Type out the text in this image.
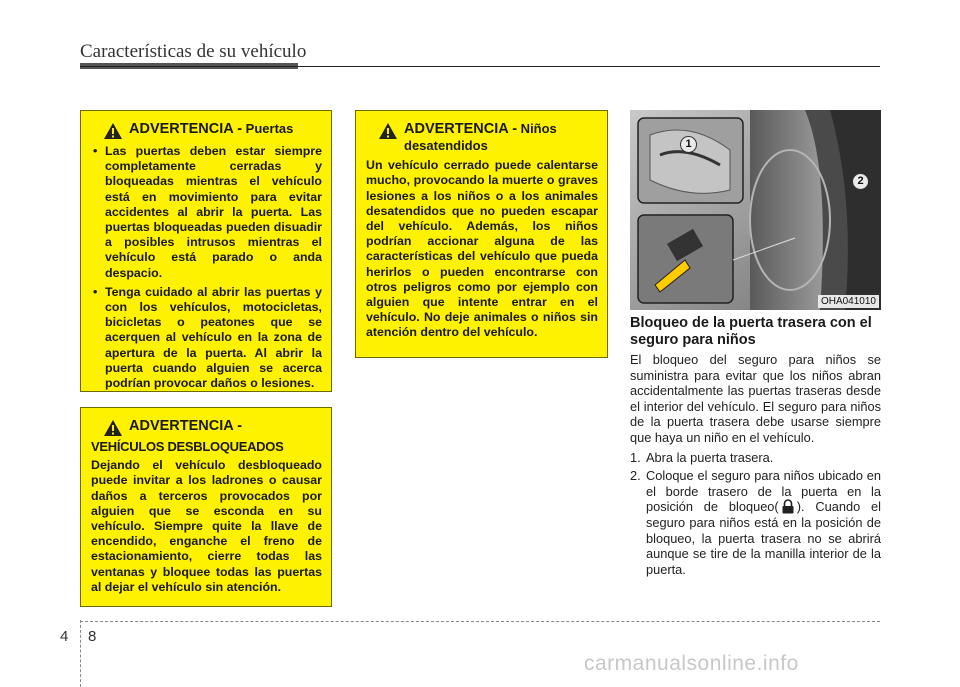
Características de su vehículo
ADVERTENCIA - Puertas
• Las puertas deben estar siempre completamente cerradas y bloqueadas mientras el vehículo está en movimiento para evitar accidentes al abrir la puerta. Las puertas bloqueadas pueden disuadir a posibles intrusos mientras el vehículo está parado o anda despacio.
• Tenga cuidado al abrir las puertas y con los vehículos, motocicletas, bicicletas o peatones que se acerquen al vehículo en la zona de apertura de la puerta. Al abrir la puerta cuando alguien se acerca podrían provocar daños o lesiones.
ADVERTENCIA -
VEHÍCULOS DESBLOQUEADOS

Dejando el vehículo desbloqueado puede invitar a los ladrones o causar daños a terceros provocados por alguien que se esconda en su vehículo. Siempre quite la llave de encendido, enganche el freno de estacionamiento, cierre todas las ventanas y bloquee todas las puertas al dejar el vehículo sin atención.

ADVERTENCIA - Niños desatendidos

Un vehículo cerrado puede calentarse mucho, provocando la muerte o graves lesiones a los niños o a los animales desatendidos que no pueden escapar del vehículo. Además, los niños podrían accionar alguna de las características del vehículo que pueda herirlos o pueden encontrarse con otros peligros como por ejemplo con alguien que intente entrar en el vehículo. No deje animales o niños sin atención dentro del vehículo.

1
2
OHA041010
Bloqueo de la puerta trasera con el seguro para niños

El bloqueo del seguro para niños se suministra para evitar que los niños abran accidentalmente las puertas traseras desde el interior del vehículo. El seguro para niños de la puerta trasera debe usarse siempre que haya un niño en el vehículo.

1. Abra la puerta trasera.
2. Coloque el seguro para niños ubicado en el borde trasero de la puerta en la posición de bloqueo( ). Cuando el seguro para niños está en la posición de bloqueo, la puerta trasera no se abrirá aunque se tire de la manilla interior de la puerta.
4 8
carmanualsonline.info
